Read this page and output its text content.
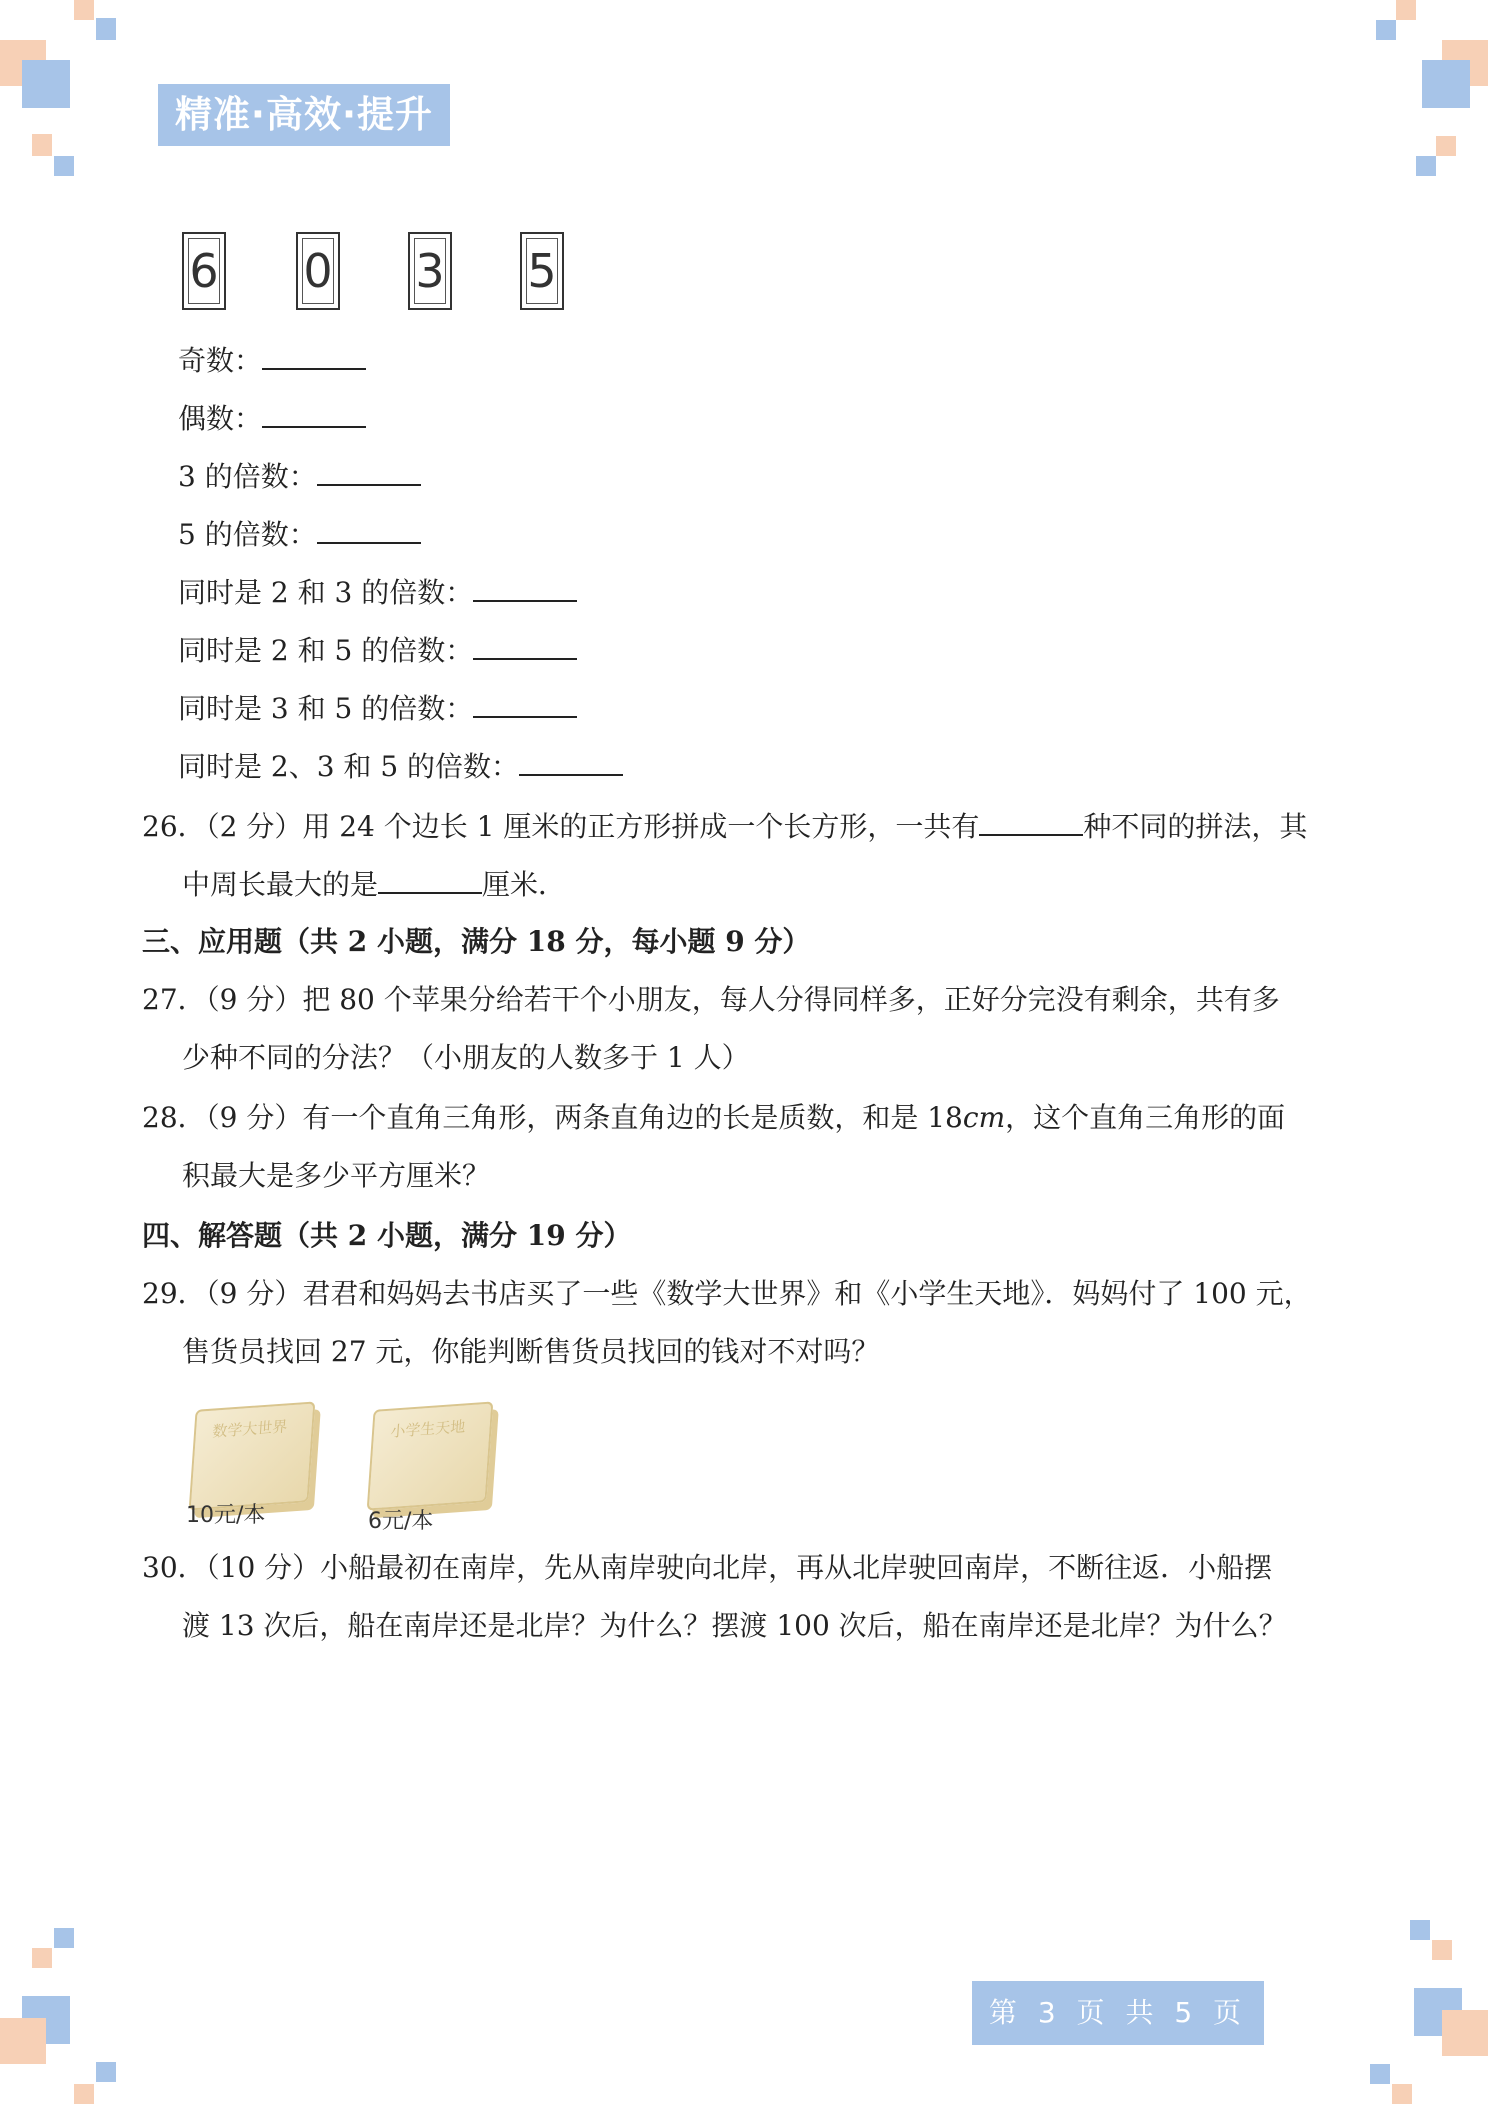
精准·高效·提升
6 0 3 5
奇数：
偶数：
3 的倍数：
5 的倍数：
同时是 2 和 3 的倍数：
同时是 2 和 5 的倍数：
同时是 3 和 5 的倍数：
同时是 2、3 和 5 的倍数：
26．（2 分）用 24 个边长 1 厘米的正方形拼成一个长方形，一共有	种不同的拼法，其
中周长最大的是	厘米．
三、应用题（共 2 小题，满分 18 分，每小题 9 分）
27．（9 分）把 80 个苹果分给若干个小朋友，每人分得同样多，正好分完没有剩余，共有多
少种不同的分法？（小朋友的人数多于 1 人）
28．（9 分）有一个直角三角形，两条直角边的长是质数，和是 18cm，这个直角三角形的面
积最大是多少平方厘米？
四、解答题（共 2 小题，满分 19 分）
29．（9 分）君君和妈妈去书店买了一些《数学大世界》和《小学生天地》．妈妈付了 100 元，
售货员找回 27 元，你能判断售货员找回的钱对不对吗？
数学大世界
10元/本
小学生天地
6元/本
30．（10 分）小船最初在南岸，先从南岸驶向北岸，再从北岸驶回南岸，不断往返．小船摆
渡 13 次后，船在南岸还是北岸？为什么？摆渡 100 次后，船在南岸还是北岸？为什么？
第 3 页 共 5 页
